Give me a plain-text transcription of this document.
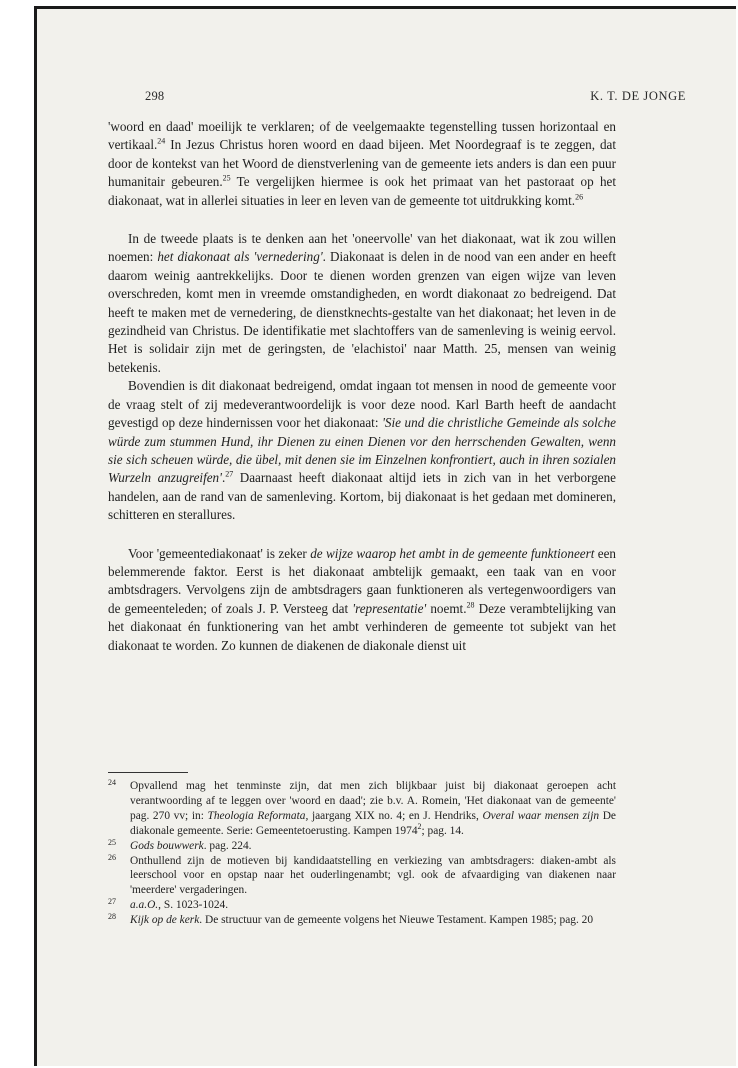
298	K. T. DE JONGE

'woord en daad' moeilijk te verklaren; of de veelgemaakte tegenstelling tussen horizontaal en vertikaal.$^{24}$ In Jezus Christus horen woord en daad bijeen. Met Noordegraaf is te zeggen, dat door de kontekst van het Woord de dienstverlening van de gemeente iets anders is dan een puur humanitair gebeuren.$^{25}$ Te vergelijken hiermee is ook het primaat van het pastoraat op het diakonaat, wat in allerlei situaties in leer en leven van de gemeente tot uitdrukking komt.$^{26}$

In de tweede plaats is te denken aan het 'oneervolle' van het diakonaat, wat ik zou willen noemen: het diakonaat als 'vernedering'. Diakonaat is delen in de nood van een ander en heeft daarom weinig aantrekkelijks. Door te dienen worden grenzen van eigen wijze van leven overschreden, komt men in vreemde omstandigheden, en wordt diakonaat zo bedreigend. Dat heeft te maken met de vernedering, de dienstknechts-gestalte van het diakonaat; het leven in de gezindheid van Christus. De identifikatie met slachtoffers van de samenleving is weinig eervol. Het is solidair zijn met de geringsten, de 'elachistoi' naar Matth. 25, mensen van weinig betekenis.

Bovendien is dit diakonaat bedreigend, omdat ingaan tot mensen in nood de gemeente voor de vraag stelt of zij medeverantwoordelijk is voor deze nood. Karl Barth heeft de aandacht gevestigd op deze hindernissen voor het diakonaat: 'Sie und die christliche Gemeinde als solche würde zum stummen Hund, ihr Dienen zu einen Dienen vor den herrschenden Gewalten, wenn sie sich scheuen würde, die übel, mit denen sie im Einzelnen konfrontiert, auch in ihren sozialen Wurzeln anzugreifen'.$^{27}$ Daarnaast heeft diakonaat altijd iets in zich van in het verborgene handelen, aan de rand van de samenleving. Kortom, bij diakonaat is het gedaan met domineren, schitteren en sterallures.

Voor 'gemeentediakonaat' is zeker de wijze waarop het ambt in de gemeente funktioneert een belemmerende faktor. Eerst is het diakonaat ambtelijk gemaakt, een taak van en voor ambtsdragers. Vervolgens zijn de ambtsdragers gaan funktioneren als vertegenwoordigers van de gemeenteleden; of zoals J. P. Versteeg dat 'representatie' noemt.$^{28}$ Deze verambtelijking van het diakonaat én funktionering van het ambt verhinderen de gemeente tot subjekt van het diakonaat te worden. Zo kunnen de diakenen de diakonale dienst uit

24	Opvallend mag het tenminste zijn, dat men zich blijkbaar juist bij diakonaat geroepen acht verantwoording af te leggen over 'woord en daad'; zie b.v. A. Romein, 'Het diakonaat van de gemeente' pag. 270 vv; in: Theologia Reformata, jaargang XIX no. 4; en J. Hendriks, Overal waar mensen zijn De diakonale gemeente. Serie: Gemeentetoerusting. Kampen 1974$^2$; pag. 14.
25	Gods bouwwerk. pag. 224.
26	Onthullend zijn de motieven bij kandidaatstelling en verkiezing van ambtsdragers: diaken-ambt als leerschool voor en opstap naar het ouderlingenambt; vgl. ook de afvaardiging van diakenen naar 'meerdere' vergaderingen.
27	a.a.O., S. 1023-1024.
28	Kijk op de kerk. De structuur van de gemeente volgens het Nieuwe Testament. Kampen 1985; pag. 20
